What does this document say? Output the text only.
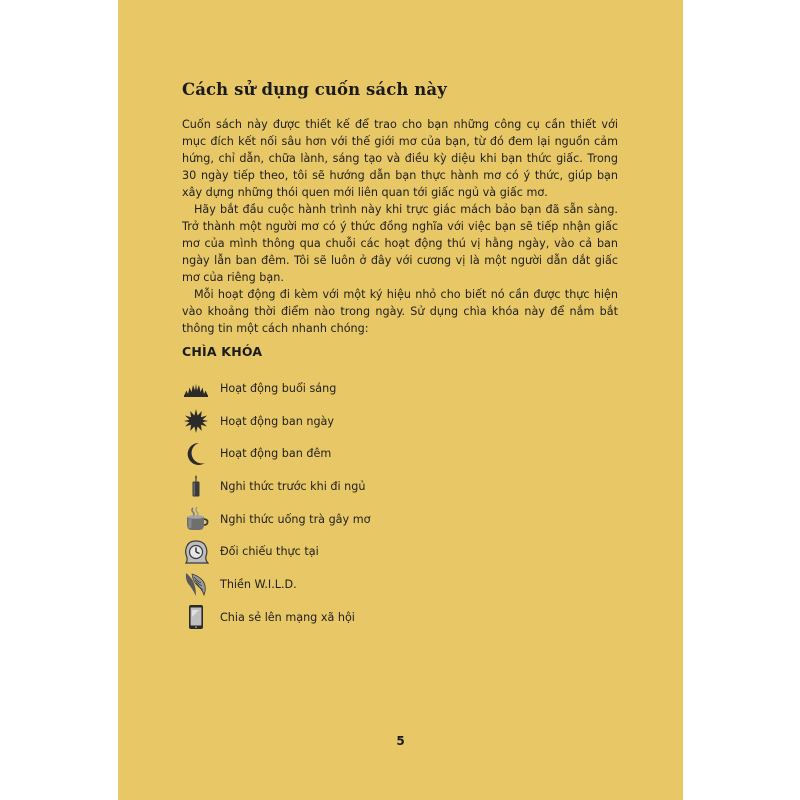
Cách sử dụng cuốn sách này

Cuốn sách này được thiết kế để trao cho bạn những công cụ cần thiết với mục đích kết nối sâu hơn với thế giới mơ của bạn, từ đó đem lại nguồn cảm hứng, chỉ dẫn, chữa lành, sáng tạo và điều kỳ diệu khi bạn thức giấc. Trong 30 ngày tiếp theo, tôi sẽ hướng dẫn bạn thực hành mơ có ý thức, giúp bạn xây dựng những thói quen mới liên quan tới giấc ngủ và giấc mơ.

Hãy bắt đầu cuộc hành trình này khi trực giác mách bảo bạn đã sẵn sàng. Trở thành một người mơ có ý thức đồng nghĩa với việc bạn sẽ tiếp nhận giấc mơ của mình thông qua chuỗi các hoạt động thú vị hằng ngày, vào cả ban ngày lẫn ban đêm. Tôi sẽ luôn ở đây với cương vị là một người dẫn dắt giấc mơ của riêng bạn.

Mỗi hoạt động đi kèm với một ký hiệu nhỏ cho biết nó cần được thực hiện vào khoảng thời điểm nào trong ngày. Sử dụng chìa khóa này để nắm bắt thông tin một cách nhanh chóng:

CHÌA KHÓA
Hoạt động buổi sáng
Hoạt động ban ngày
Hoạt động ban đêm
Nghi thức trước khi đi ngủ
Nghi thức uống trà gây mơ
Đối chiếu thực tại
Thiền W.I.L.D.
Chia sẻ lên mạng xã hội
5
